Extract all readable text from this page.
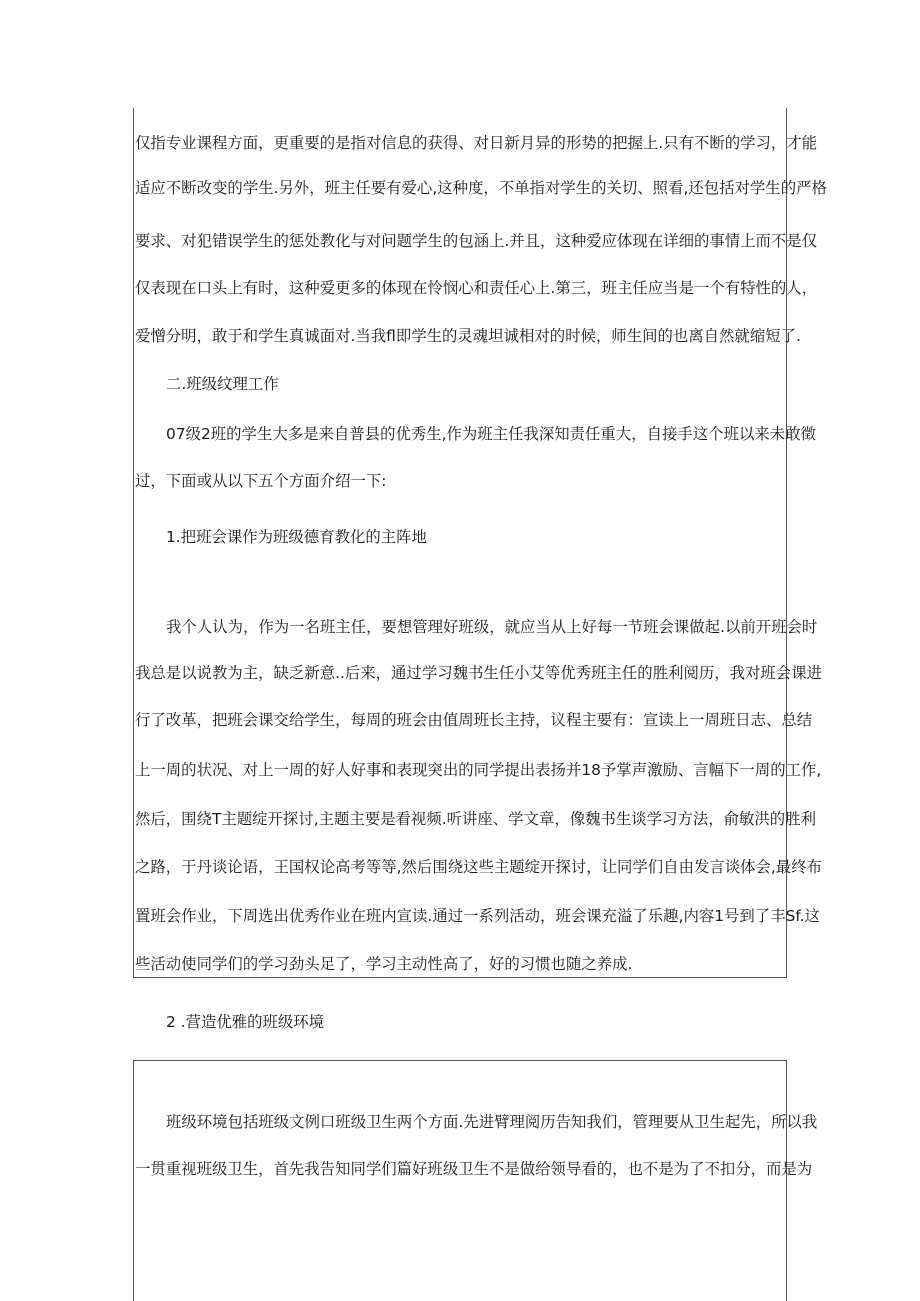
仅指专业课程方面，更重要的是指对信息的获得、对日新月异的形势的把握上.只有不断的学习，才能
适应不断改变的学生.另外，班主任要有爱心,这种度，不单指对学生的关切、照看,还包括对学生的严格
要求、对犯错误学生的惩处教化与对问题学生的包涵上.并且，这种爱应体现在详细的事情上而不是仅
仅表现在口头上有时，这种爱更多的体现在怜悯心和责任心上.第三，班主任应当是一个有特性的人，
爱憎分明，敢于和学生真诚面对.当我fl即学生的灵魂坦诚相对的时候，师生间的也离自然就缩短了.
二.班级纹理工作
07级2班的学生大多是来自普县的优秀生,作为班主任我深知责任重大，自接手这个班以来未敢徵
过，下面或从以下五个方面介绍一下:
1.把班会课作为班级德育教化的主阵地
我个人认为，作为一名班主任，要想管理好班级，就应当从上好每一节班会课做起.以前开班会时
我总是以说教为主，缺乏新意..后来，通过学习魏书生任小艾等优秀班主任的胜利阅历，我对班会课进
行了改革，把班会课交给学生，每周的班会由值周班长主持，议程主要有：宣读上一周班日志、总结
上一周的状况、对上一周的好人好事和表现突出的同学提出表扬并18予掌声激励、言幅下一周的工作,
然后，围绕T主题绽开探讨,主题主要是看视频.听讲座、学文章，像魏书生谈学习方法，俞敏洪的胜利
之路，于丹谈论语，王国权论高考等等,然后围绕这些主题绽开探讨，让同学们自由发言谈体会,最终布
置班会作业，下周选出优秀作业在班内宣读.通过一系列活动，班会课充溢了乐趣,内容1号到了丰Sf.这
些活动使同学们的学习劲头足了，学习主动性高了，好的习惯也随之养成.
2 .营造优雅的班级环境
班级环境包括班级文例口班级卫生两个方面.先进臂理阅历告知我们，管理要从卫生起先，所以我
一贯重视班级卫生，首先我告知同学们篇好班级卫生不是做给领导看的，也不是为了不扣分，而是为
